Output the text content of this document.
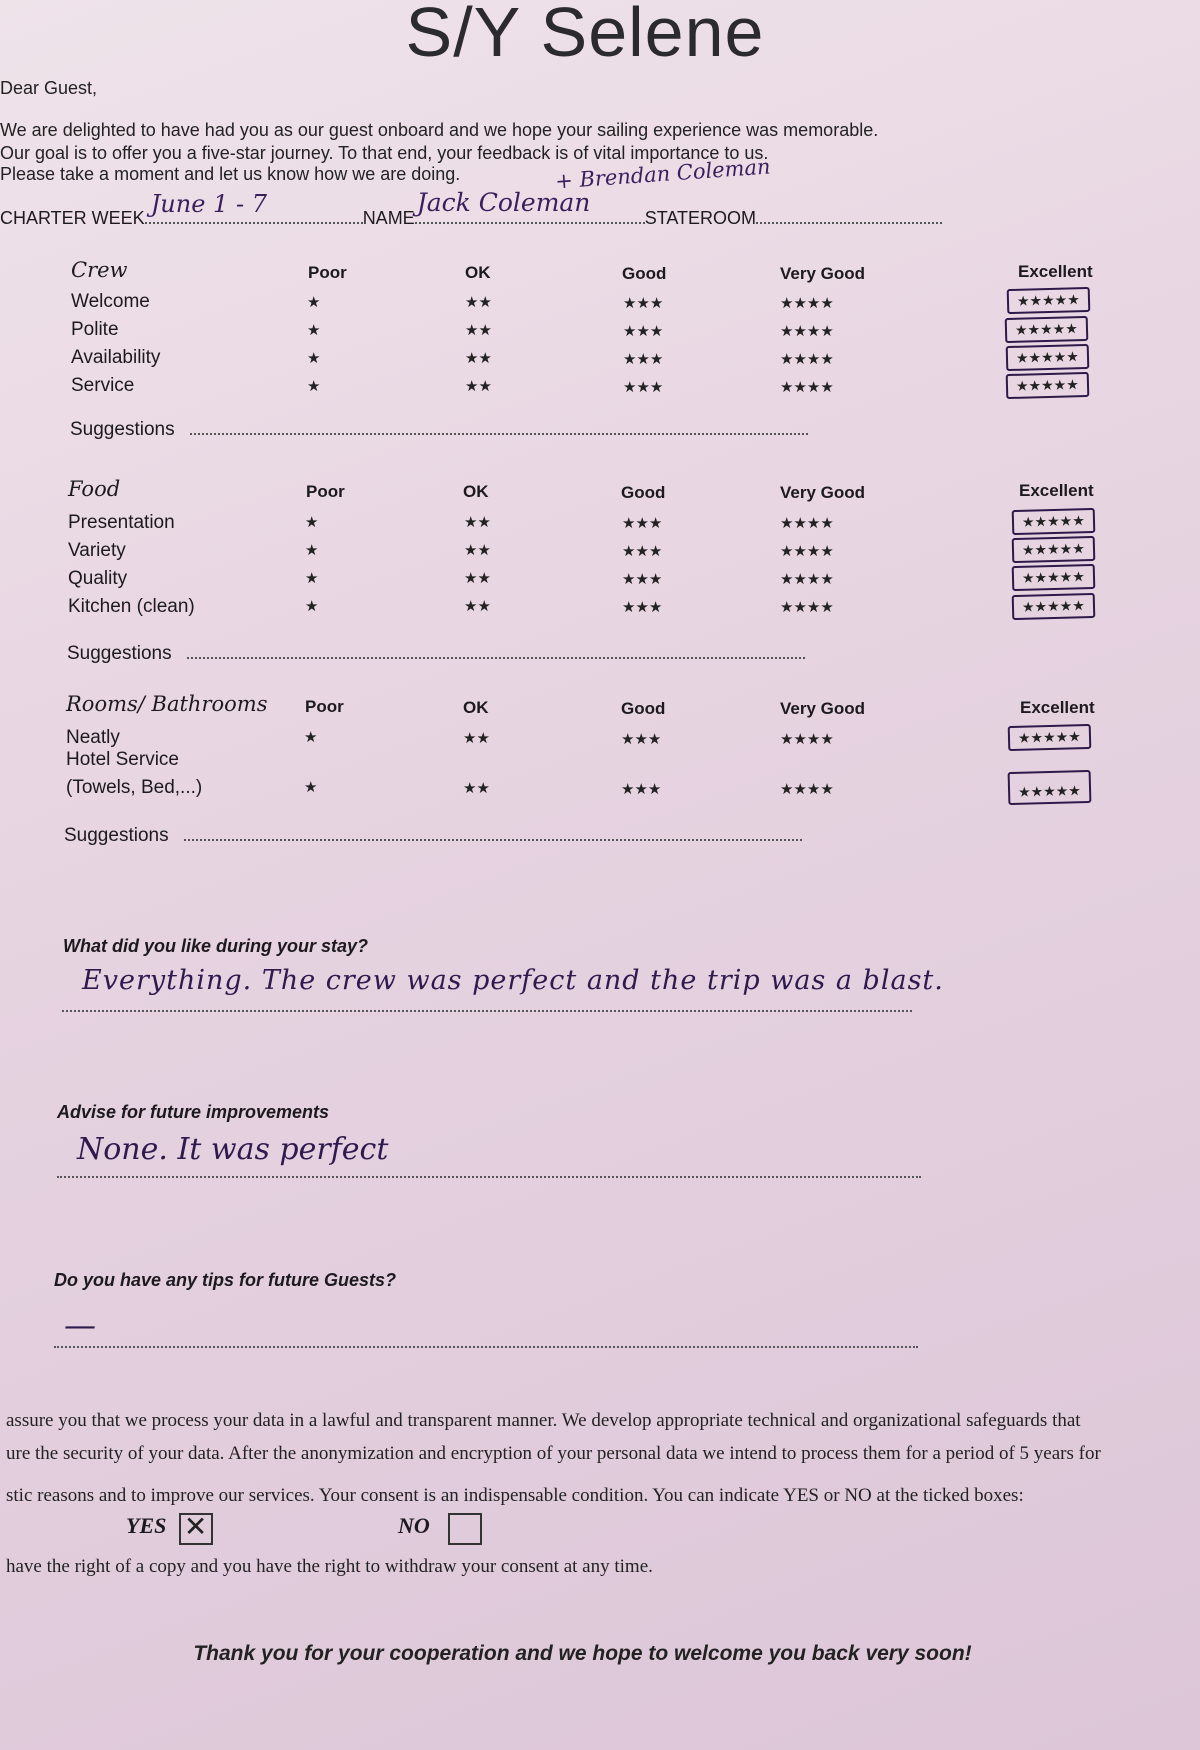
S/Y Selene
Dear Guest,
We are delighted to have had you as our guest onboard and we hope your sailing experience was memorable.
Our goal is to offer you a five-star journey. To that end, your feedback is of vital importance to us.
Please take a moment and let us know how we are doing.	+ Brendan Coleman
CHARTER WEEK June 1 - 7	NAME
Jack Coleman
STATEROOM
Crew	Poor	OK	Good	Very Good	Excellent
Welcome	★	★★	★★★	★★★★	★★★★★
Polite	★	★★	★★★	★★★★	★★★★★
Availability	★	★★	★★★	★★★★	★★★★★
Service	★	★★	★★★	★★★★	★★★★★
Suggestions
Food	Poor	OK	Good	Very Good	Excellent
Presentation	★	★★	★★★	★★★★	★★★★★
Variety	★	★★	★★★	★★★★	★★★★★
Quality	★	★★	★★★	★★★★	★★★★★
Kitchen (clean)	★	★★	★★★	★★★★	★★★★★
Suggestions
Rooms/ Bathrooms Poor	OK	Good	Very Good	Excellent
Neatly	★	★★	★★★	★★★★	★★★★★
Hotel Service
(Towels, Bed,...)	★	★★	★★★	★★★★	★★★★★
Suggestions
What did you like during your stay?
Everything. The crew was perfect and the trip was a blast.
Advise for future improvements
None. It was perfect
Do you have any tips for future Guests?
—
assure you that we process your data in a lawful and transparent manner. We develop appropriate technical and organizational safeguards that
ure the security of your data. After the anonymization and encryption of your personal data we intend to process them for a period of 5 years for
stic reasons and to improve our services. Your consent is an indispensable condition. You can indicate YES or NO at the ticked boxes:
YES ✕	NO
have the right of a copy and you have the right to withdraw your consent at any time.
Thank you for your cooperation and we hope to welcome you back very soon!
